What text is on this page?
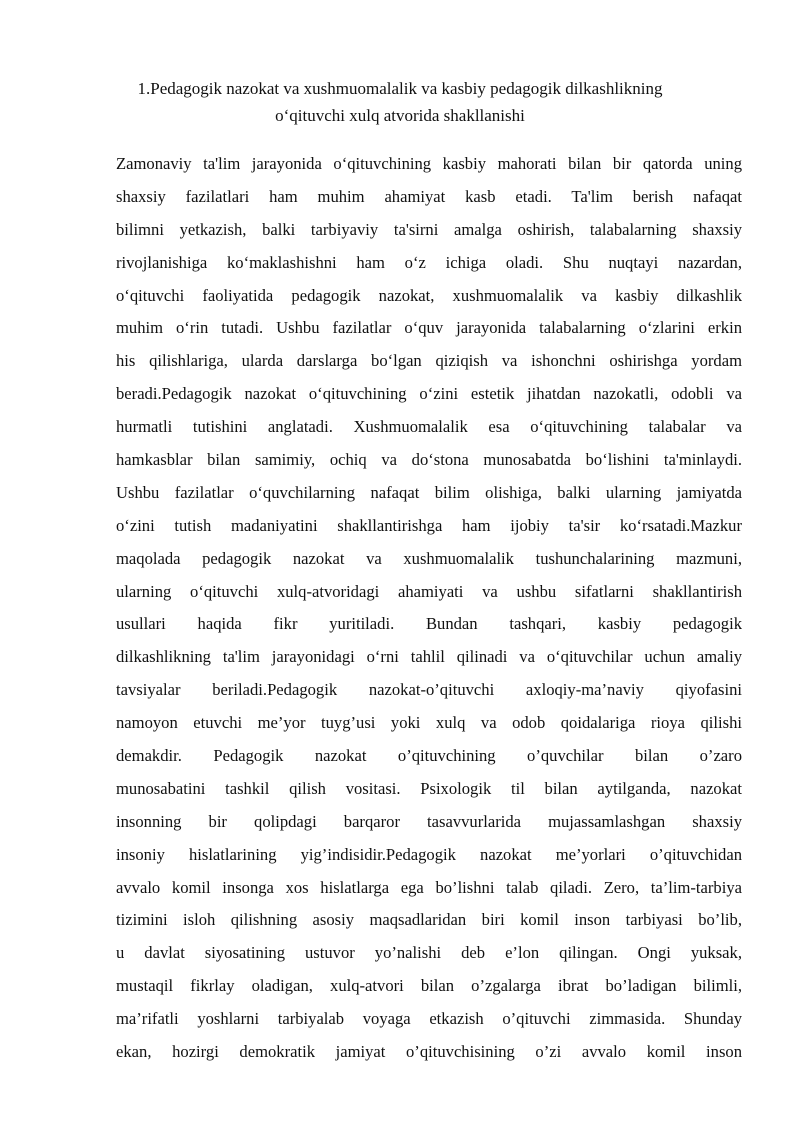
1.Pedagogik nazokat va xushmuomalalik va kasbiy pedagogik dilkashlikning
o‘qituvchi xulq atvorida shakllanishi
Zamonaviy ta'lim jarayonida o‘qituvchining kasbiy mahorati bilan bir qatorda uning
shaxsiy fazilatlari ham muhim ahamiyat kasb etadi. Ta'lim berish nafaqat
bilimni yetkazish, balki tarbiyaviy ta'sirni amalga oshirish, talabalarning shaxsiy
rivojlanishiga ko‘maklashishni ham o‘z ichiga oladi. Shu nuqtayi nazardan,
o‘qituvchi faoliyatida pedagogik nazokat, xushmuomalalik va kasbiy dilkashlik
muhim o‘rin tutadi. Ushbu fazilatlar o‘quv jarayonida talabalarning o‘zlarini erkin
his qilishlariga, ularda darslarga bo‘lgan qiziqish va ishonchni oshirishga yordam
beradi.Pedagogik nazokat o‘qituvchining o‘zini estetik jihatdan nazokatli, odobli va
hurmatli tutishini anglatadi. Xushmuomalalik esa o‘qituvchining talabalar va
hamkasblar bilan samimiy, ochiq va do‘stona munosabatda bo‘lishini ta'minlaydi.
Ushbu fazilatlar o‘quvchilarning nafaqat bilim olishiga, balki ularning jamiyatda
o‘zini tutish madaniyatini shakllantirishga ham ijobiy ta'sir ko‘rsatadi.Mazkur
maqolada pedagogik nazokat va xushmuomalalik tushunchalarining mazmuni,
ularning o‘qituvchi xulq-atvoridagi ahamiyati va ushbu sifatlarni shakllantirish
usullari haqida fikr yuritiladi. Bundan tashqari, kasbiy pedagogik
dilkashlikning ta'lim jarayonidagi o‘rni tahlil qilinadi va o‘qituvchilar uchun amaliy
tavsiyalar beriladi.Pedagogik nazokat-o’qituvchi axloqiy-ma’naviy qiyofasini
namoyon etuvchi me’yor tuyg’usi yoki xulq va odob qoidalariga rioya qilishi
demakdir. Pedagogik nazokat o’qituvchining o’quvchilar bilan o’zaro
munosabatini tashkil qilish vositasi. Psixologik til bilan aytilganda, nazokat
insonning bir qolipdagi barqaror tasavvurlarida mujassamlashgan shaxsiy
insoniy hislatlarining yig’indisidir.Pedagogik nazokat me’yorlari o’qituvchidan
avvalo komil insonga xos hislatlarga ega bo’lishni talab qiladi. Zero, ta’lim-tarbiya
tizimini isloh qilishning asosiy maqsadlaridan biri komil inson tarbiyasi bo’lib,
u davlat siyosatining ustuvor yo’nalishi deb e’lon qilingan. Ongi yuksak,
mustaqil fikrlay oladigan, xulq-atvori bilan o’zgalarga ibrat bo’ladigan bilimli,
ma’rifatli yoshlarni tarbiyalab voyaga etkazish o’qituvchi zimmasida. Shunday
ekan, hozirgi demokratik jamiyat o’qituvchisining o’zi avvalo komil inson
